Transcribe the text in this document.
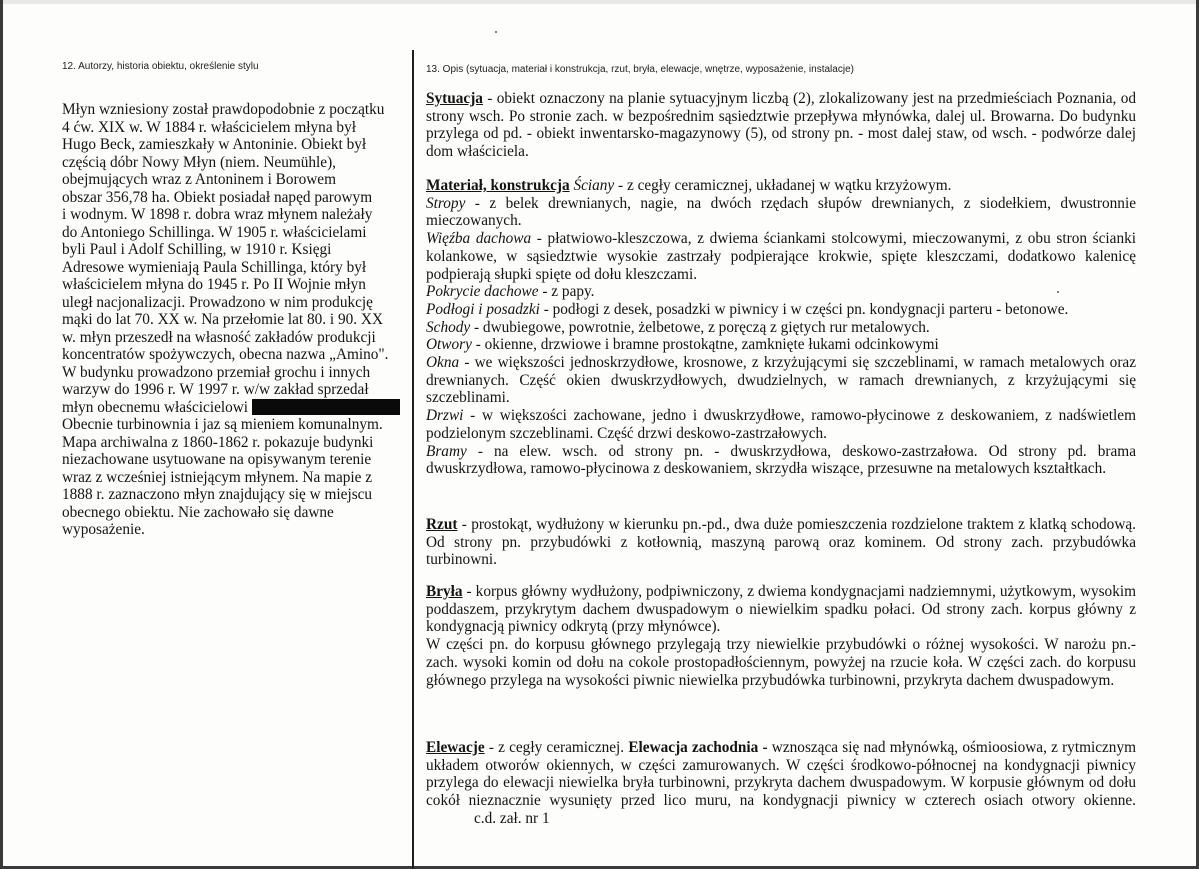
12. Autorzy, historia obiektu, określenie stylu
Młyn wzniesiony został prawdopodobnie z początku
4 ćw. XIX w. W 1884 r. właścicielem młyna był
Hugo Beck, zamieszkały w Antoninie. Obiekt był
częścią dóbr Nowy Młyn (niem. Neumühle),
obejmujących wraz z Antoninem i Borowem
obszar 356,78 ha. Obiekt posiadał napęd parowym
i wodnym. W 1898 r. dobra wraz młynem należały
do Antoniego Schillinga. W 1905 r. właścicielami
byli Paul i Adolf Schilling, w 1910 r. Księgi
Adresowe wymieniają Paula Schillinga, który był
właścicielem młyna do 1945 r. Po II Wojnie młyn
uległ nacjonalizacji. Prowadzono w nim produkcję
mąki do lat 70. XX w. Na przełomie lat 80. i 90. XX
w. młyn przeszedł na własność zakładów produkcji
koncentratów spożywczych, obecna nazwa „Amino".
W budynku prowadzono przemiał grochu i innych
warzyw do 1996 r. W 1997 r. w/w zakład sprzedał
młyn obecnemu właścicielowi
Obecnie turbinownia i jaz są mieniem komunalnym.
Mapa archiwalna z 1860-1862 r. pokazuje budynki
niezachowane usytuowane na opisywanym terenie
wraz z wcześniej istniejącym młynem. Na mapie z
1888 r. zaznaczono młyn znajdujący się w miejscu
obecnego obiektu. Nie zachowało się dawne
wyposażenie.
13. Opis (sytuacja, materiał i konstrukcja, rzut, bryła, elewacje, wnętrze, wyposażenie, instalacje)

Sytuacja - obiekt oznaczony na planie sytuacyjnym liczbą (2), zlokalizowany jest na przedmieściach Poznania, od strony wsch. Po stronie zach. w bezpośrednim sąsiedztwie przepływa młynówka, dalej ul. Browarna. Do budynku przylega od pd. - obiekt inwentarsko-magazynowy (5), od strony pn. - most dalej staw, od wsch. - podwórze dalej dom właściciela.

Materiał, konstrukcja Ściany - z cegły ceramicznej, układanej w wątku krzyżowym.

Stropy - z belek drewnianych, nagie, na dwóch rzędach słupów drewnianych, z siodełkiem, dwustronnie mieczowanych.

Więźba dachowa - płatwiowo-kleszczowa, z dwiema ściankami stolcowymi, mieczowanymi, z obu stron ścianki kolankowe, w sąsiedztwie wysokie zastrzały podpierające krokwie, spięte kleszczami, dodatkowo kalenicę podpierają słupki spięte od dołu kleszczami.

Pokrycie dachowe - z papy.

Podłogi i posadzki - podłogi z desek, posadzki w piwnicy i w części pn. kondygnacji parteru - betonowe.

Schody - dwubiegowe, powrotnie, żelbetowe, z poręczą z giętych rur metalowych.

Otwory - okienne, drzwiowe i bramne prostokątne, zamknięte łukami odcinkowymi

Okna - we większości jednoskrzydłowe, krosnowe, z krzyżującymi się szczeblinami, w ramach metalowych oraz drewnianych. Część okien dwuskrzydłowych, dwudzielnych, w ramach drewnianych, z krzyżującymi się szczeblinami.

Drzwi - w większości zachowane, jedno i dwuskrzydłowe, ramowo-płycinowe z deskowaniem, z nadświetlem podzielonym szczeblinami. Część drzwi deskowo-zastrzałowych.

Bramy - na elew. wsch. od strony pn. - dwuskrzydłowa, deskowo-zastrzałowa. Od strony pd. brama dwuskrzydłowa, ramowo-płycinowa z deskowaniem, skrzydła wiszące, przesuwne na metalowych kształtkach.

Rzut - prostokąt, wydłużony w kierunku pn.-pd., dwa duże pomieszczenia rozdzielone traktem z klatką schodową. Od strony pn. przybudówki z kotłownią, maszyną parową oraz kominem. Od strony zach. przybudówka turbinowni.

Bryła - korpus główny wydłużony, podpiwniczony, z dwiema kondygnacjami nadziemnymi, użytkowym, wysokim poddaszem, przykrytym dachem dwuspadowym o niewielkim spadku połaci. Od strony zach. korpus główny z kondygnacją piwnicy odkrytą (przy młynówce).

W części pn. do korpusu głównego przylegają trzy niewielkie przybudówki o różnej wysokości. W narożu pn.-zach. wysoki komin od dołu na cokole prostopadłościennym, powyżej na rzucie koła. W części zach. do korpusu głównego przylega na wysokości piwnic niewielka przybudówka turbinowni, przykryta dachem dwuspadowym.

Elewacje - z cegły ceramicznej. Elewacja zachodnia - wznosząca się nad młynówką, ośmioosiowa, z rytmicznym układem otworów okiennych, w części zamurowanych. W części środkowo-północnej na kondygnacji piwnicy przylega do elewacji niewielka bryła turbinowni, przykryta dachem dwuspadowym. W korpusie głównym od dołu cokół nieznacznie wysunięty przed lico muru, na kondygnacji piwnicy w czterech osiach otwory okienne.c.d. zał. nr 1
